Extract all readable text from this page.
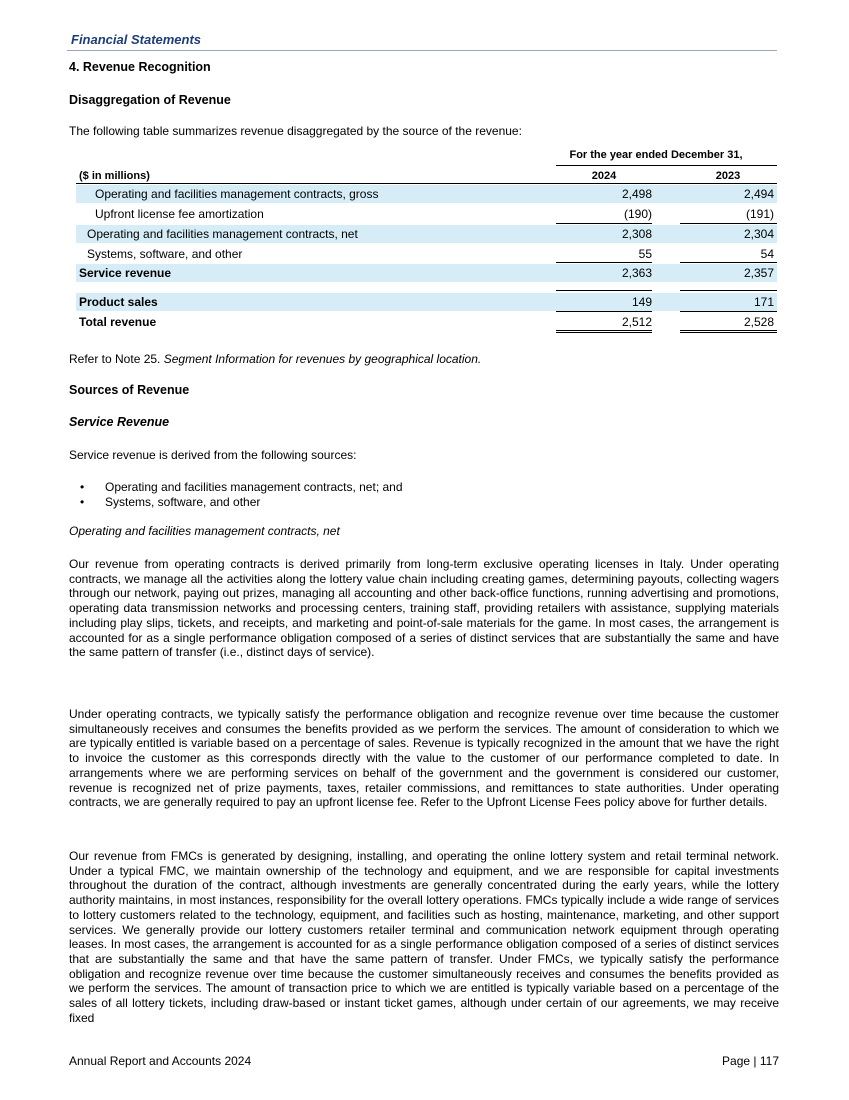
Financial Statements
4. Revenue Recognition
Disaggregation of Revenue
The following table summarizes revenue disaggregated by the source of the revenue:
For the year ended December 31,
($ in millions)	2024	2023
Operating and facilities management contracts, gross	2,498	2,494
Upfront license fee amortization	(190)	(191)
Operating and facilities management contracts, net	2,308	2,304
Systems, software, and other	55	54
Service revenue	2,363	2,357
Product sales	149	171
Total revenue	2,512	2,528
Refer to Note 25. Segment Information for revenues by geographical location.
Sources of Revenue
Service Revenue
Service revenue is derived from the following sources:
•	Operating and facilities management contracts, net; and
•	Systems, software, and other
Operating and facilities management contracts, net
Our revenue from operating contracts is derived primarily from long-term exclusive operating licenses in Italy. Under operating contracts, we manage all the activities along the lottery value chain including creating games, determining payouts, collecting wagers through our network, paying out prizes, managing all accounting and other back-office functions, running advertising and promotions, operating data transmission networks and processing centers, training staff, providing retailers with assistance, supplying materials including play slips, tickets, and receipts, and marketing and point-of-sale materials for the game. In most cases, the arrangement is accounted for as a single performance obligation composed of a series of distinct services that are substantially the same and have the same pattern of transfer (i.e., distinct days of service).
Under operating contracts, we typically satisfy the performance obligation and recognize revenue over time because the customer simultaneously receives and consumes the benefits provided as we perform the services. The amount of consideration to which we are typically entitled is variable based on a percentage of sales. Revenue is typically recognized in the amount that we have the right to invoice the customer as this corresponds directly with the value to the customer of our performance completed to date. In arrangements where we are performing services on behalf of the government and the government is considered our customer, revenue is recognized net of prize payments, taxes, retailer commissions, and remittances to state authorities. Under operating contracts, we are generally required to pay an upfront license fee. Refer to the Upfront License Fees policy above for further details.
Our revenue from FMCs is generated by designing, installing, and operating the online lottery system and retail terminal network. Under a typical FMC, we maintain ownership of the technology and equipment, and we are responsible for capital investments throughout the duration of the contract, although investments are generally concentrated during the early years, while the lottery authority maintains, in most instances, responsibility for the overall lottery operations. FMCs typically include a wide range of services to lottery customers related to the technology, equipment, and facilities such as hosting, maintenance, marketing, and other support services. We generally provide our lottery customers retailer terminal and communication network equipment through operating leases. In most cases, the arrangement is accounted for as a single performance obligation composed of a series of distinct services that are substantially the same and that have the same pattern of transfer. Under FMCs, we typically satisfy the performance obligation and recognize revenue over time because the customer simultaneously receives and consumes the benefits provided as we perform the services. The amount of transaction price to which we are entitled is typically variable based on a percentage of the sales of all lottery tickets, including draw-based or instant ticket games, although under certain of our agreements, we may receive fixed
Annual Report and Accounts 2024	Page | 117
